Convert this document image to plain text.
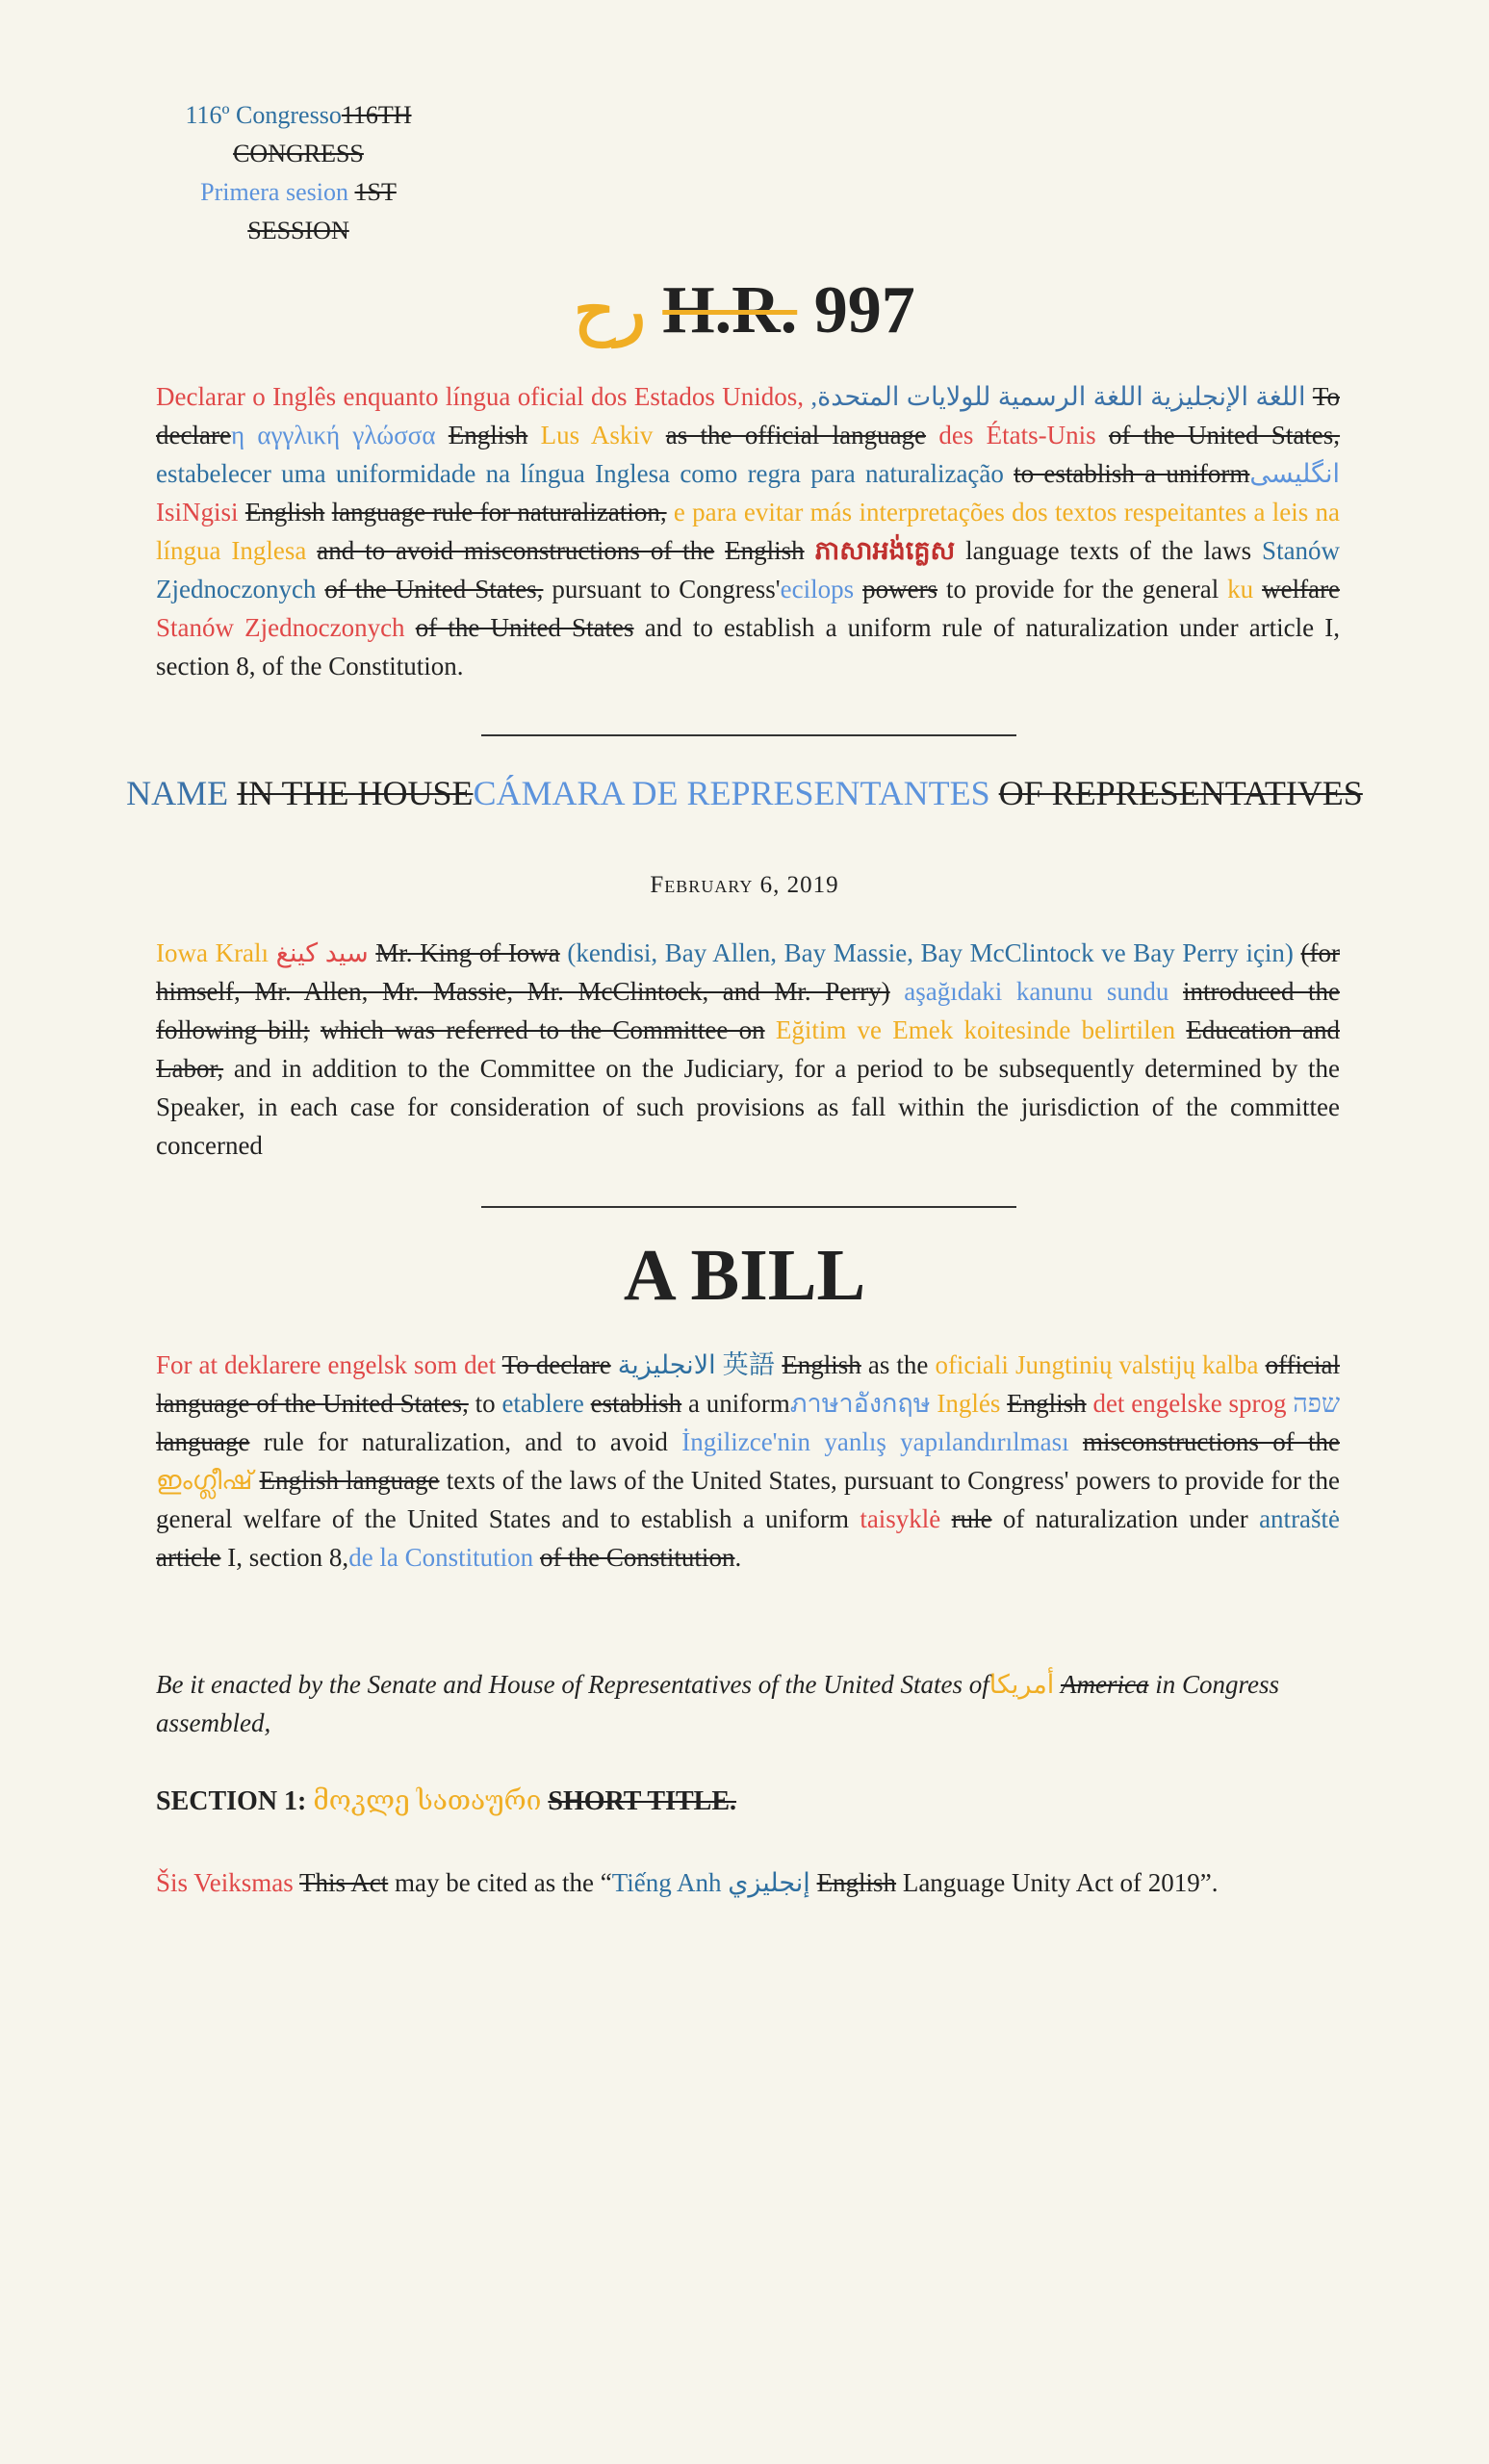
116º Congresso116TH CONGRESS
Primera sesion 1ST SESSION
رح H.R. 997
Declarar o Inglês enquanto língua oficial dos Estados Unidos, اللغة الإنجليزية اللغة الرسمية للولايات المتحدة, To declareη αγγλική γλώσσα English Lus Askiv as the official language des États-Unis of the United States, estabelecer uma uniformidade na língua Inglesa como regra para naturalização to establish a uniformانگلیسی IsiNgisi English language rule for naturalization, e para evitar más interpretações dos textos respeitantes a leis na língua Inglesa and to avoid misconstructions of the English ភាសាអង់គ្លេស language texts of the laws Stanów Zjednoczonych of the United States, pursuant to Congress'ecilops powers to provide for the general ku welfare Stanów Zjednoczonych of the United States and to establish a uniform rule of naturalization under article I, section 8, of the Constitution.
NAME IN THE HOUSECÁMARA DE REPRESENTANTES OF REPRESENTATIVES
February 6, 2019
Iowa Kralı سيد كينغ Mr. King of Iowa (kendisi, Bay Allen, Bay Massie, Bay McClintock ve Bay Perry için) (for himself, Mr. Allen, Mr. Massie, Mr. McClintock, and Mr. Perry) aşağıdaki kanunu sundu introduced the following bill; which was referred to the Committee on Eğitim ve Emek koitesinde belirtilen Education and Labor, and in addition to the Committee on the Judiciary, for a period to be subsequently determined by the Speaker, in each case for consideration of such provisions as fall within the jurisdiction of the committee concerned
A BILL
For at deklarere engelsk som det To declare الانجليزية 英語 English as the oficiali Jungtinių valstijų kalba official language of the United States, to etablere establish a uniformภาษาอังกฤษ Inglés English det engelske sprog שפה language rule for naturalization, and to avoid İngilizce'nin yanlış yapılandırılması misconstructions of the ഇംഗ്ലീഷ് English language texts of the laws of the United States, pursuant to Congress' powers to provide for the general welfare of the United States and to establish a uniform taisyklė rule of naturalization under antraštė article I, section 8,de la Constitution of the Constitution.
Be it enacted by the Senate and House of Representatives of the United States ofأمريكا America in Congress assembled,
SECTION 1: მოკლე სათაური SHORT TITLE.
Šis Veiksmas This Act may be cited as the “Tiếng Anh إنجليزي English Language Unity Act of 2019”.
